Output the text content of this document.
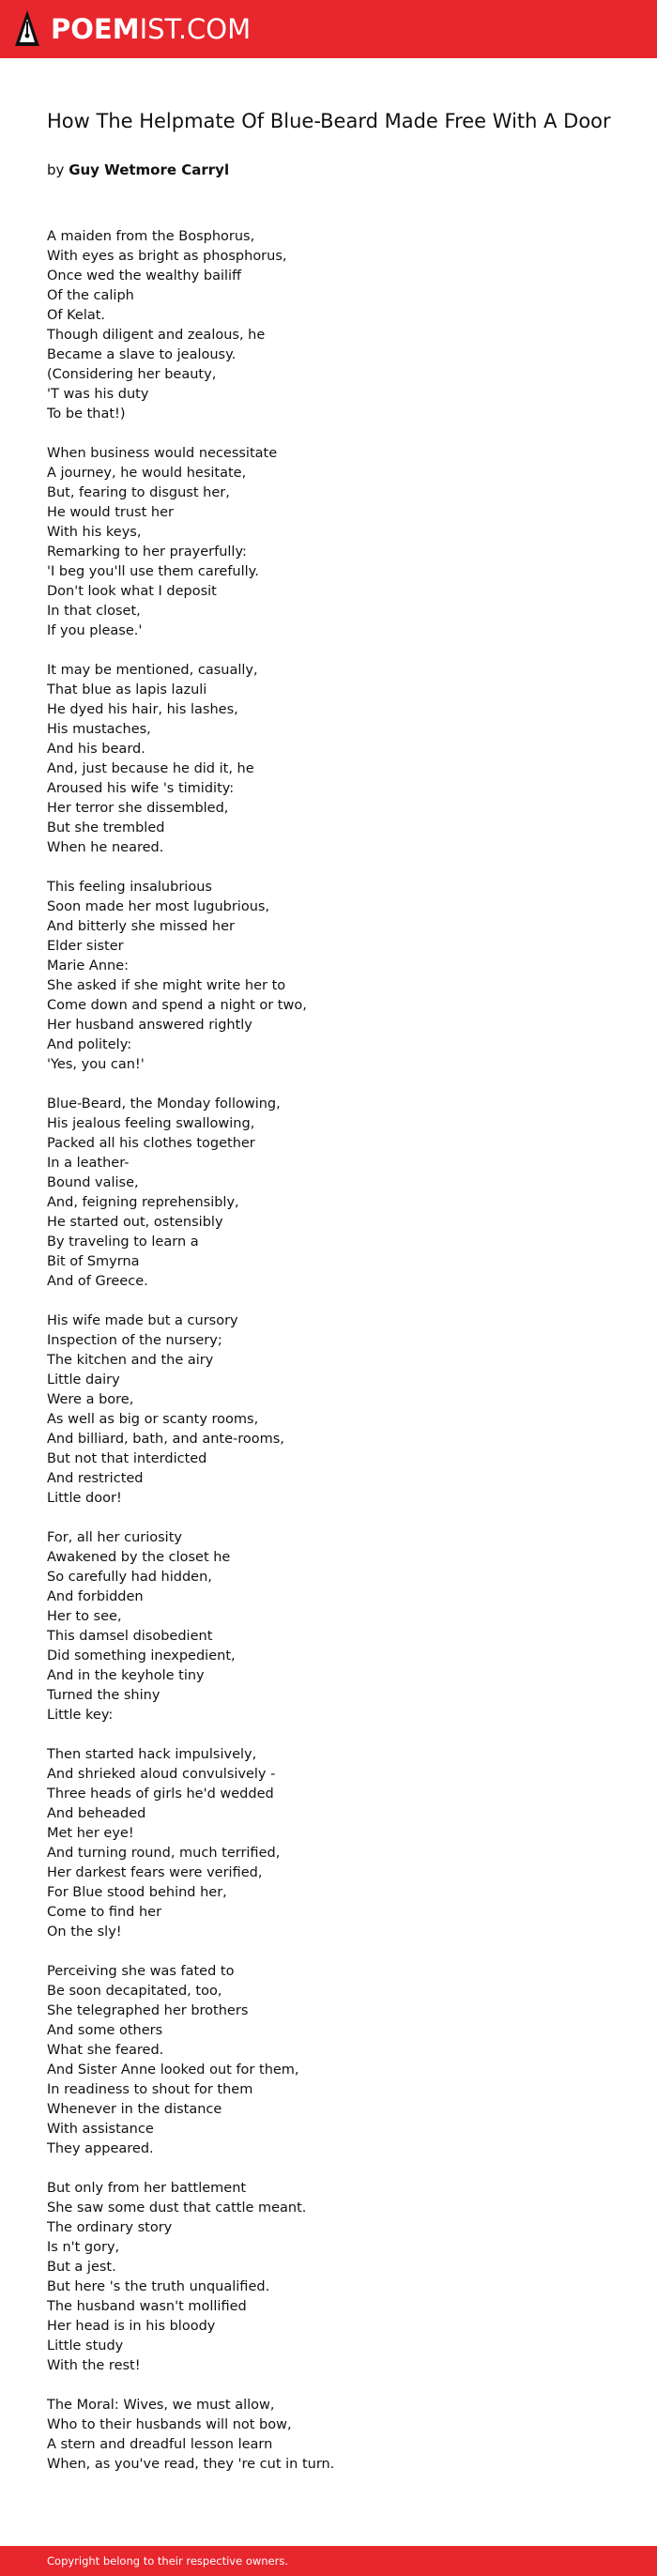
POEMIST.COM
How The Helpmate Of Blue-Beard Made Free With A Door
by Guy Wetmore Carryl
A maiden from the Bosphorus,
With eyes as bright as phosphorus,
Once wed the wealthy bailiff
Of the caliph
Of Kelat.
Though diligent and zealous, he
Became a slave to jealousy.
(Considering her beauty,
'T was his duty
To be that!)
When business would necessitate
A journey, he would hesitate,
But, fearing to disgust her,
He would trust her
With his keys,
Remarking to her prayerfully:
'I beg you'll use them carefully.
Don't look what I deposit
In that closet,
If you please.'
It may be mentioned, casually,
That blue as lapis lazuli
He dyed his hair, his lashes,
His mustaches,
And his beard.
And, just because he did it, he
Aroused his wife 's timidity:
Her terror she dissembled,
But she trembled
When he neared.
This feeling insalubrious
Soon made her most lugubrious,
And bitterly she missed her
Elder sister
Marie Anne:
She asked if she might write her to
Come down and spend a night or two,
Her husband answered rightly
And politely:
'Yes, you can!'
Blue-Beard, the Monday following,
His jealous feeling swallowing,
Packed all his clothes together
In a leather-
Bound valise,
And, feigning reprehensibly,
He started out, ostensibly
By traveling to learn a
Bit of Smyrna
And of Greece.
His wife made but a cursory
Inspection of the nursery;
The kitchen and the airy
Little dairy
Were a bore,
As well as big or scanty rooms,
And billiard, bath, and ante-rooms,
But not that interdicted
And restricted
Little door!
For, all her curiosity
Awakened by the closet he
So carefully had hidden,
And forbidden
Her to see,
This damsel disobedient
Did something inexpedient,
And in the keyhole tiny
Turned the shiny
Little key:
Then started hack impulsively,
And shrieked aloud convulsively -
Three heads of girls he'd wedded
And beheaded
Met her eye!
And turning round, much terrified,
Her darkest fears were verified,
For Blue stood behind her,
Come to find her
On the sly!
Perceiving she was fated to
Be soon decapitated, too,
She telegraphed her brothers
And some others
What she feared.
And Sister Anne looked out for them,
In readiness to shout for them
Whenever in the distance
With assistance
They appeared.
But only from her battlement
She saw some dust that cattle meant.
The ordinary story
Is n't gory,
But a jest.
But here 's the truth unqualified.
The husband wasn't mollified
Her head is in his bloody
Little study
With the rest!
The Moral: Wives, we must allow,
Who to their husbands will not bow,
A stern and dreadful lesson learn
When, as you've read, they 're cut in turn.
Copyright belong to their respective owners.
